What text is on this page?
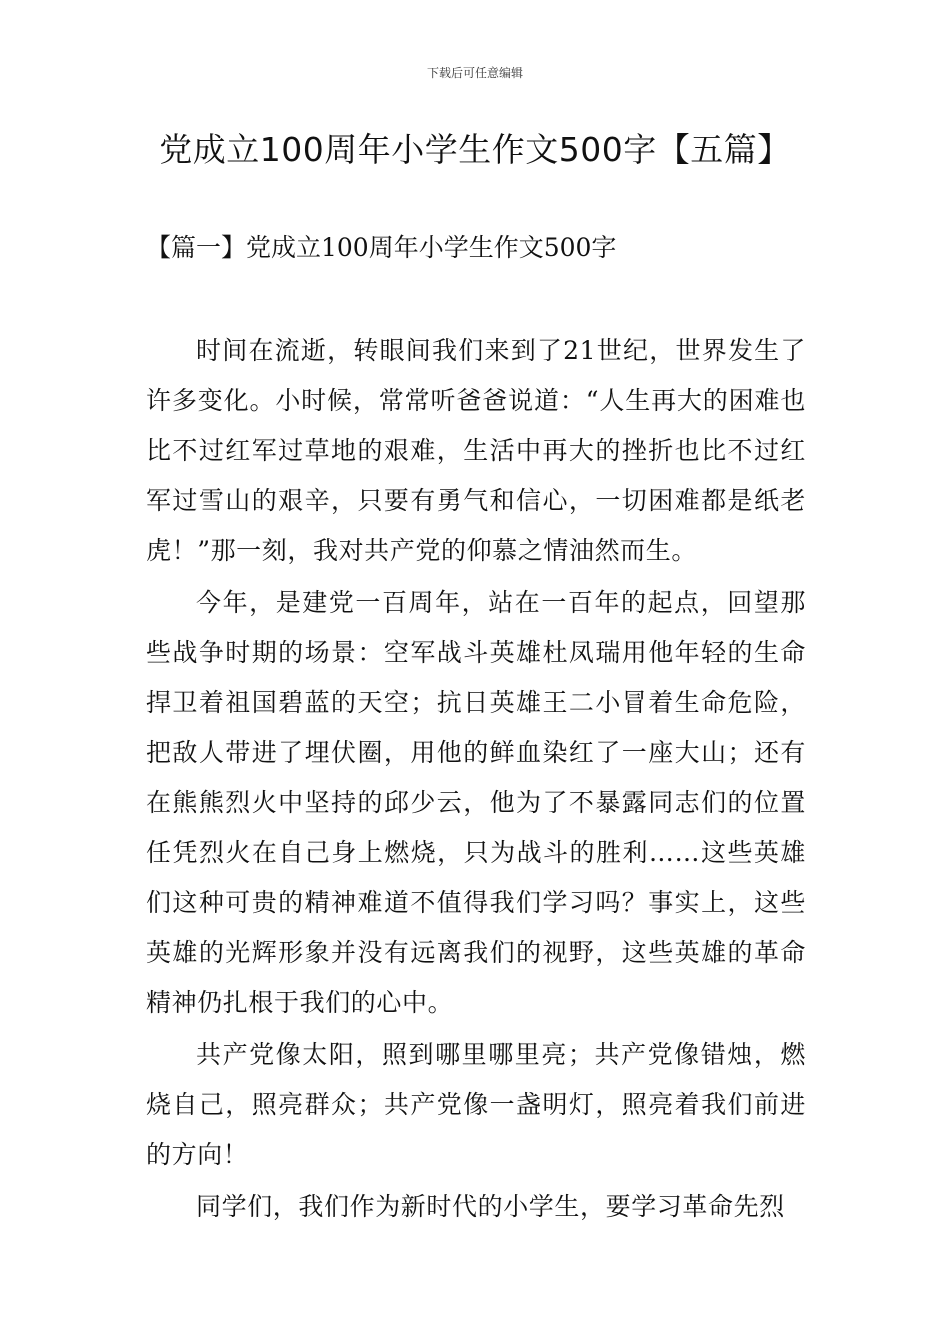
下载后可任意编辑
党成立100周年小学生作文500字【五篇】
【篇一】党成立100周年小学生作文500字

时间在流逝，转眼间我们来到了21世纪，世界发生了许多变化。小时候，常常听爸爸说道：“人生再大的困难也比不过红军过草地的艰难，生活中再大的挫折也比不过红军过雪山的艰辛，只要有勇气和信心，一切困难都是纸老虎！”那一刻，我对共产党的仰慕之情油然而生。

今年，是建党一百周年，站在一百年的起点，回望那些战争时期的场景：空军战斗英雄杜凤瑞用他年轻的生命捍卫着祖国碧蓝的天空；抗日英雄王二小冒着生命危险，把敌人带进了埋伏圈，用他的鲜血染红了一座大山；还有在熊熊烈火中坚持的邱少云，他为了不暴露同志们的位置任凭烈火在自己身上燃烧，只为战斗的胜利……这些英雄们这种可贵的精神难道不值得我们学习吗？事实上，这些英雄的光辉形象并没有远离我们的视野，这些英雄的革命精神仍扎根于我们的心中。

共产党像太阳，照到哪里哪里亮；共产党像错烛，燃烧自己，照亮群众；共产党像一盏明灯，照亮着我们前进的方向！

同学们，我们作为新时代的小学生，要学习革命先烈
